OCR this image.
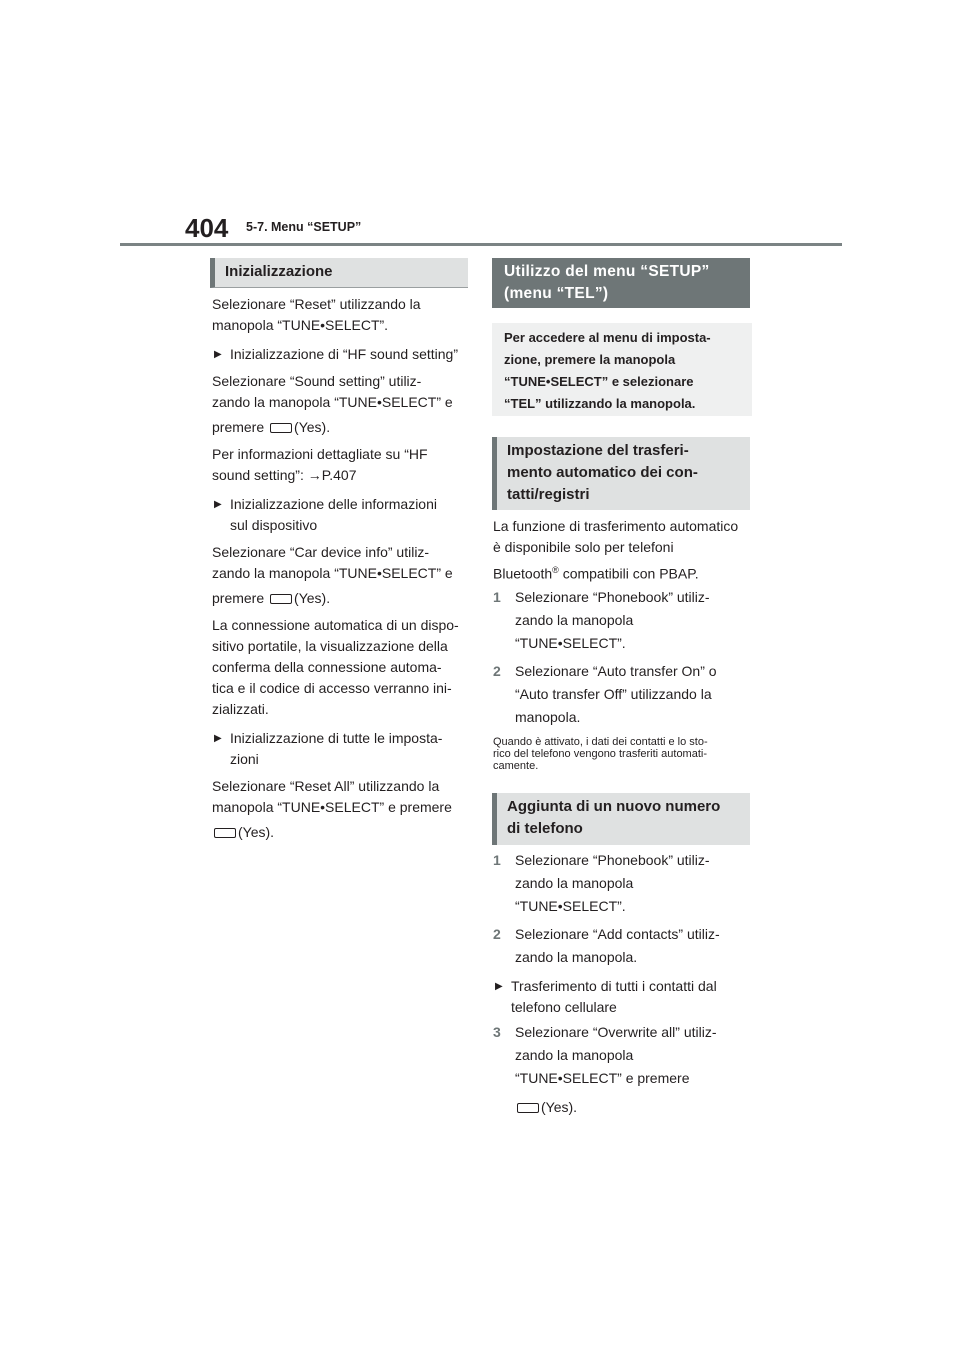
404 5-7. Menu “SETUP”
Inizializzazione

Selezionare “Reset” utilizzando la

manopola “TUNE•SELECT”.

▶ Inizializzazione di “HF sound setting”

Selezionare “Sound setting” utiliz-

zando la manopola “TUNE•SELECT” e

premere (Yes).

Per informazioni dettagliate su “HF

sound setting”: →P.407

▶ Inizializzazione delle informazioni

sul dispositivo

Selezionare “Car device info” utiliz-

zando la manopola “TUNE•SELECT” e

premere (Yes).

La connessione automatica di un dispo-

sitivo portatile, la visualizzazione della

conferma della connessione automa-

tica e il codice di accesso verranno ini-

zializzati.

▶ Inizializzazione di tutte le imposta-

zioni

Selezionare “Reset All” utilizzando la

manopola “TUNE•SELECT” e premere

(Yes).

Utilizzo del menu “SETUP”
(menu “TEL”)
Per accedere al menu di imposta-
zione, premere la manopola
“TUNE•SELECT” e selezionare
“TEL” utilizzando la manopola.
Impostazione del trasferi-
mento automatico dei con-
tatti/registri

La funzione di trasferimento automatico

è disponibile solo per telefoni

Bluetooth® compatibili con PBAP.

1 Selezionare “Phonebook” utiliz-

zando la manopola

“TUNE•SELECT”.

2 Selezionare “Auto transfer On” o

“Auto transfer Off” utilizzando la

manopola.

Quando è attivato, i dati dei contatti e lo sto-

rico del telefono vengono trasferiti automati-

camente.

Aggiunta di un nuovo numero
di telefono
1 Selezionare “Phonebook” utiliz-

zando la manopola

“TUNE•SELECT”.

2 Selezionare “Add contacts” utiliz-

zando la manopola.

▶ Trasferimento di tutti i contatti dal

telefono cellulare

3 Selezionare “Overwrite all” utiliz-

zando la manopola

“TUNE•SELECT” e premere

(Yes).
